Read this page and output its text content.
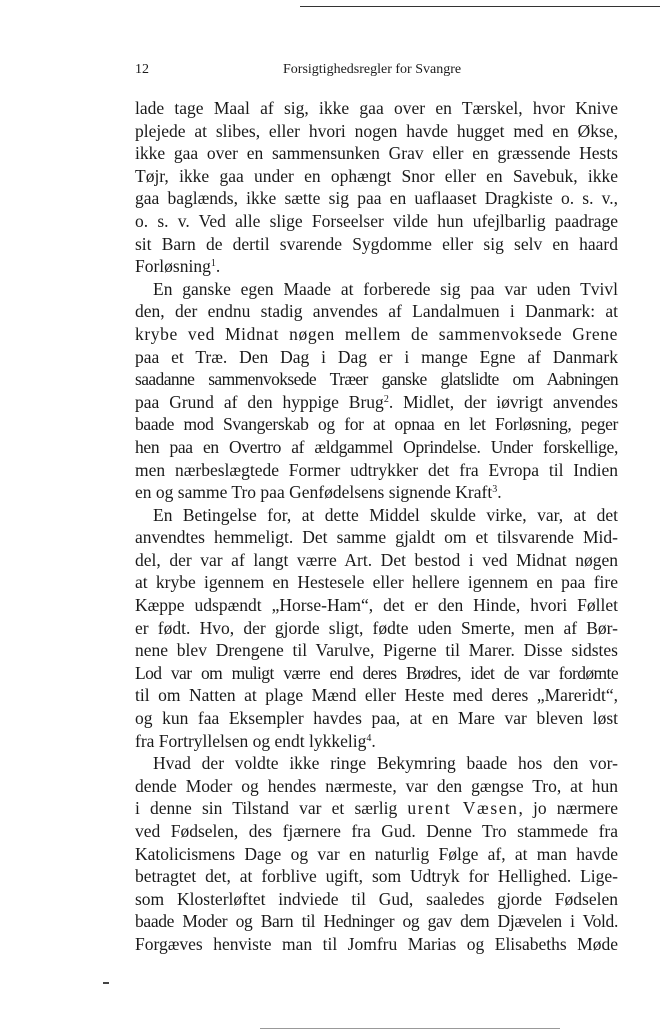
12	Forsigtighedsregler for Svangre
lade tage Maal af sig, ikke gaa over en Tærskel, hvor Knive
plejede at slibes, eller hvori nogen havde hugget med en Økse,
ikke gaa over en sammensunken Grav eller en græssende Hests
Tøjr, ikke gaa under en ophængt Snor eller en Savebuk, ikke
gaa baglænds, ikke sætte sig paa en uaflaaset Dragkiste o. s. v.,
o. s. v. Ved alle slige Forseelser vilde hun ufejlbarlig paadrage
sit Barn de dertil svarende Sygdomme eller sig selv en haard
Forløsning$^1$.
En ganske egen Maade at forberede sig paa var uden Tvivl
den, der endnu stadig anvendes af Landalmuen i Danmark: at
krybe ved Midnat nøgen mellem de sammenvoksede Grene
paa et Træ. Den Dag i Dag er i mange Egne af Danmark
saadanne sammenvoksede Træer ganske glatslidte om Aabningen
paa Grund af den hyppige Brug$^2$. Midlet, der iøvrigt anvendes
baade mod Svangerskab og for at opnaa en let Forløsning, peger
hen paa en Overtro af ældgammel Oprindelse. Under forskellige,
men nærbeslægtede Former udtrykker det fra Evropa til Indien
en og samme Tro paa Genfødelsens signende Kraft$^3$.
En Betingelse for, at dette Middel skulde virke, var, at det
anvendtes hemmeligt. Det samme gjaldt om et tilsvarende Mid-
del, der var af langt værre Art. Det bestod i ved Midnat nøgen
at krybe igennem en Hestesele eller hellere igennem en paa fire
Kæppe udspændt „Horse-Ham“, det er den Hinde, hvori Føllet
er født. Hvo, der gjorde sligt, fødte uden Smerte, men af Bør-
nene blev Drengene til Varulve, Pigerne til Marer. Disse sidstes
Lod var om muligt værre end deres Brødres, idet de var fordømte
til om Natten at plage Mænd eller Heste med deres „Mareridt“,
og kun faa Eksempler havdes paa, at en Mare var bleven løst
fra Fortryllelsen og endt lykkelig$^4$.
Hvad der voldte ikke ringe Bekymring baade hos den vor-
dende Moder og hendes nærmeste, var den gængse Tro, at hun
i denne sin Tilstand var et særlig urent Væsen, jo nærmere
ved Fødselen, des fjærnere fra Gud. Denne Tro stammede fra
Katolicismens Dage og var en naturlig Følge af, at man havde
betragtet det, at forblive ugift, som Udtryk for Hellighed. Lige-
som Klosterløftet indviede til Gud, saaledes gjorde Fødselen
baade Moder og Barn til Hedninger og gav dem Djævelen i Vold.
Forgæves henviste man til Jomfru Marias og Elisabeths Møde
